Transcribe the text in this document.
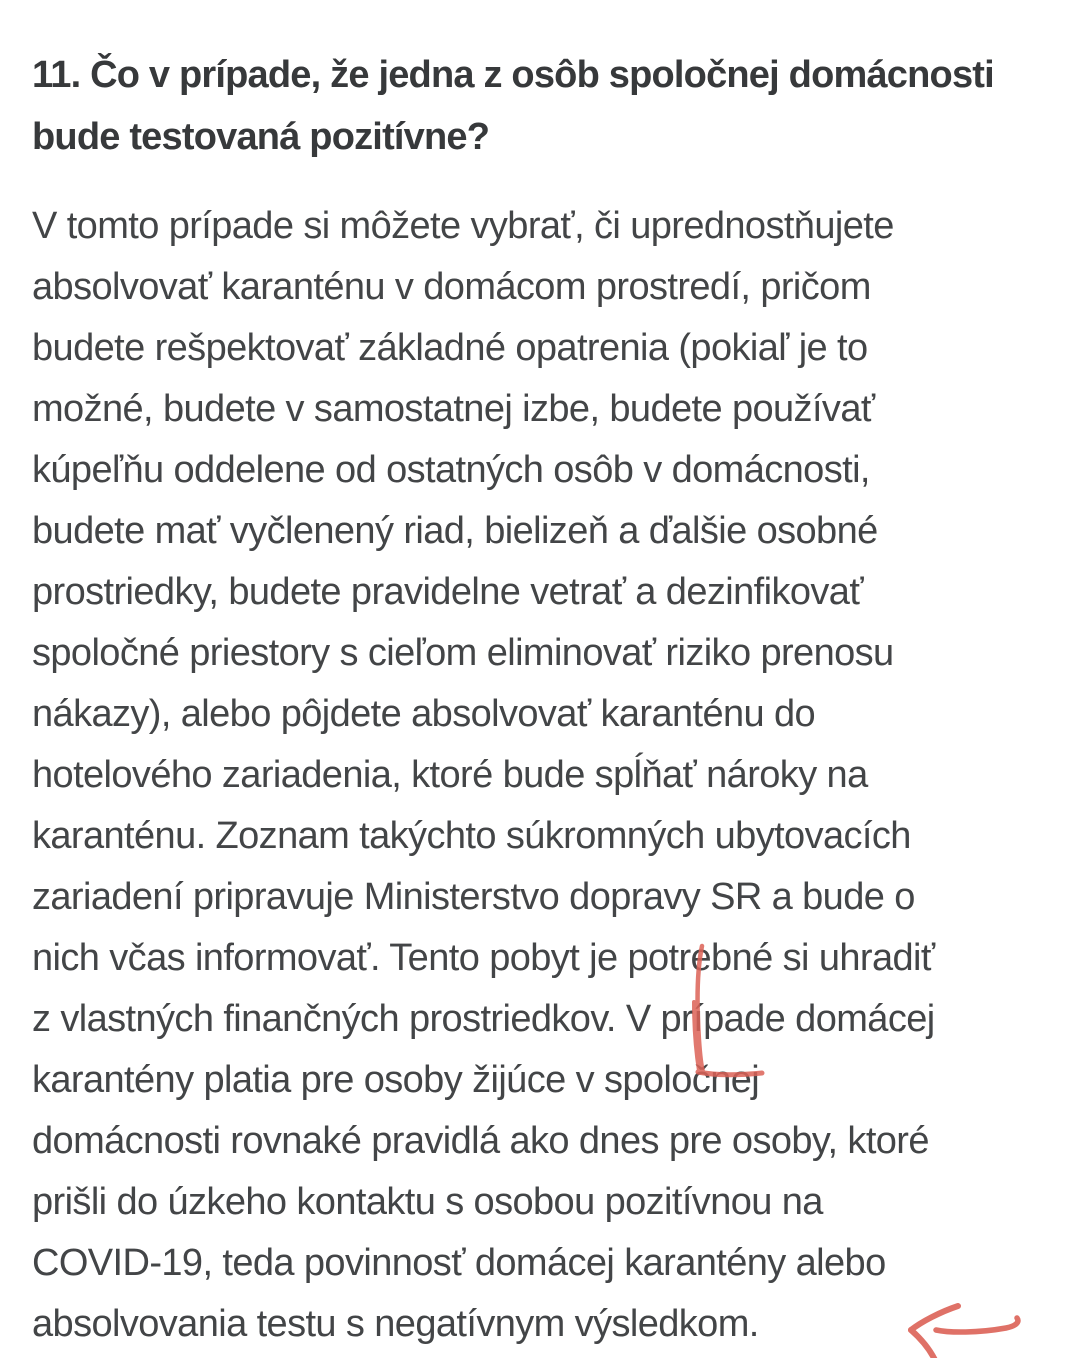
11. Čo v prípade, že jedna z osôb spoločnej domácnosti
bude testovaná pozitívne?
V tomto prípade si môžete vybrať, či uprednostňujete
absolvovať karanténu v domácom prostredí, pričom
budete rešpektovať základné opatrenia (pokiaľ je to
možné, budete v samostatnej izbe, budete používať
kúpeľňu oddelene od ostatných osôb v domácnosti,
budete mať vyčlenený riad, bielizeň a ďalšie osobné
prostriedky, budete pravidelne vetrať a dezinfikovať
spoločné priestory s cieľom eliminovať riziko prenosu
nákazy), alebo pôjdete absolvovať karanténu do
hotelového zariadenia, ktoré bude spĺňať nároky na
karanténu. Zoznam takýchto súkromných ubytovacích
zariadení pripravuje Ministerstvo dopravy SR a bude o
nich včas informovať. Tento pobyt je potrebné si uhradiť
z vlastných finančných prostriedkov. V prípade domácej
karantény platia pre osoby žijúce v spoločnej
domácnosti rovnaké pravidlá ako dnes pre osoby, ktoré
prišli do úzkeho kontaktu s osobou pozitívnou na
COVID-19, teda povinnosť domácej karantény alebo
absolvovania testu s negatívnym výsledkom.
